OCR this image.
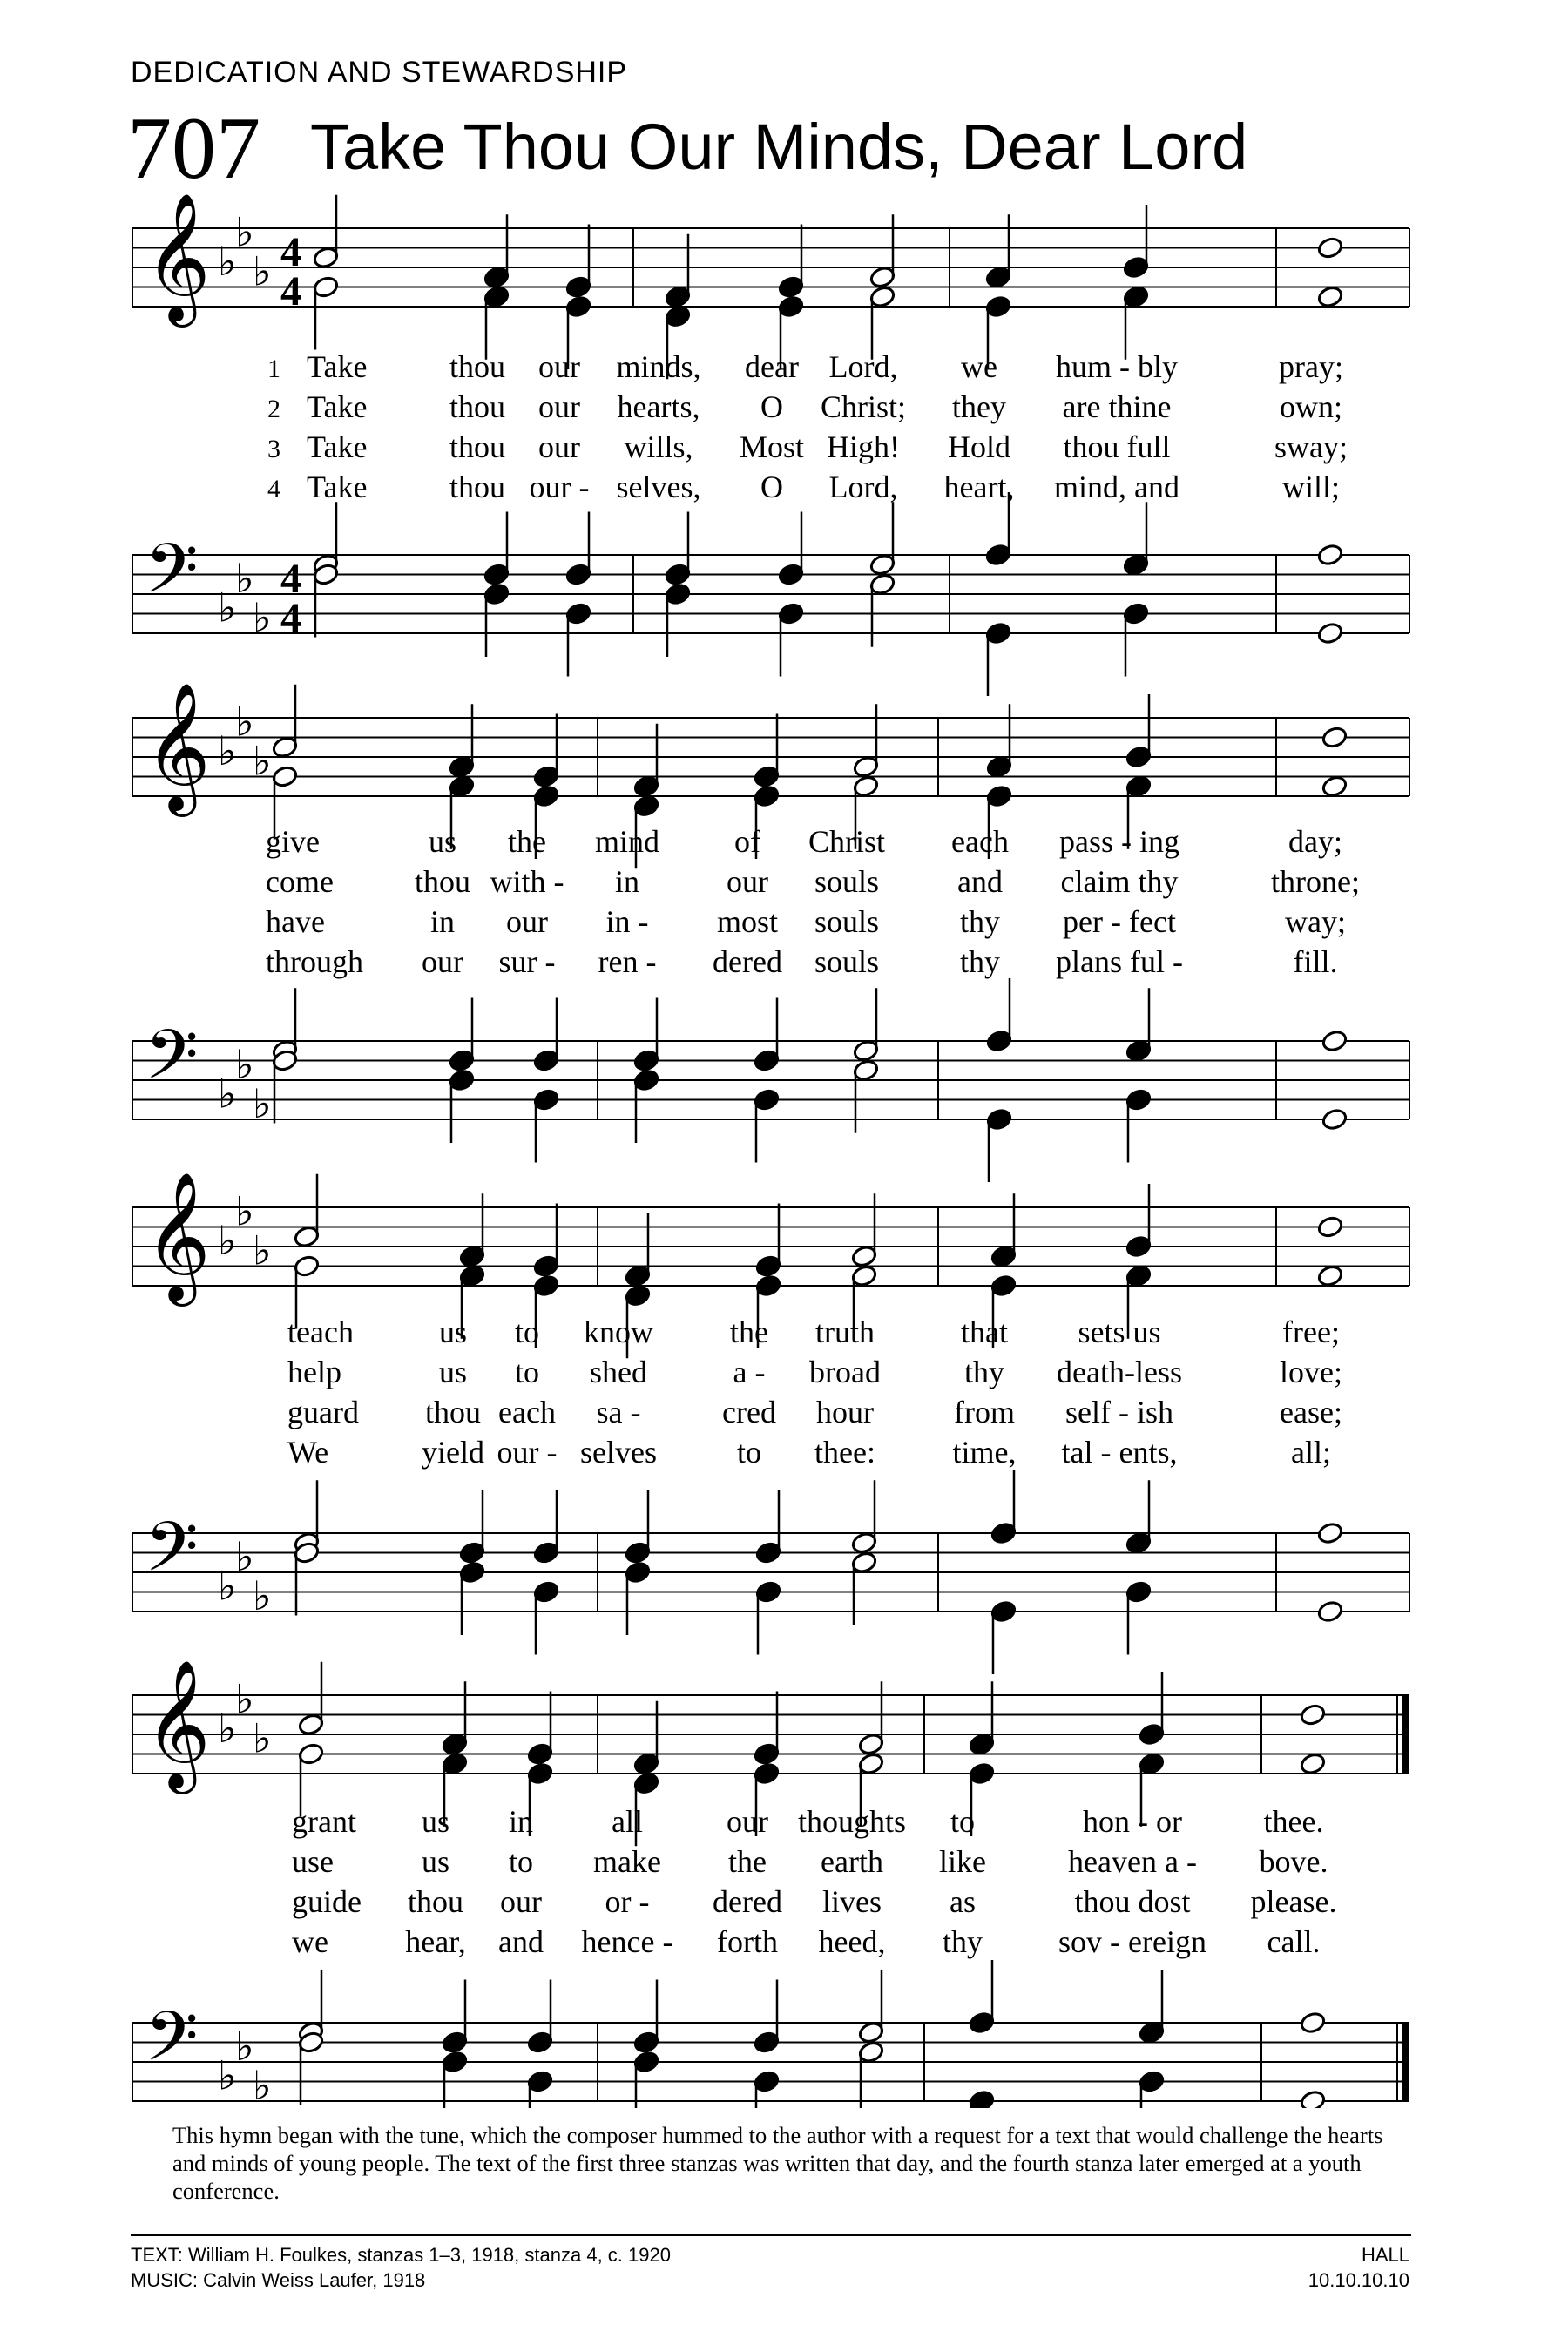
DEDICATION AND STEWARDSHIP
707 Take Thou Our Minds, Dear Lord
𝄞 ♭
♭
♭ 4
4
𝄢 ♭
♭
♭
4
4
1 Take	thou our minds, dear Lord, we hum - bly	pray;
2 Take	thou our hearts, O Christ; they are thine	own;
3 Take	thou our wills, Most High! Hold thou full	sway;
4 Take	thou our - selves, O Lord, heart, mind, and	will;
𝄞 ♭
♭
♭
𝄢 ♭
♭
♭
give	us the mind of Christ each pass - ing	day;
come	thou with - in	our souls and claim thy	throne;
have	in our in - most souls	thy per - fect	way;
through our sur - ren - dered souls	thy plans ful -	fill.
𝄞 ♭
♭
♭
𝄢 ♭
♭
♭
teach	us to know the truth	that sets us	free;
help	us to shed	a - broad	thy death-less	love;
guard thou each sa -	cred hour	from self - ish	ease;
We	yield our - selves	to thee: time, tal - ents,	all;
𝄞 ♭
♭
♭
𝄢 ♭
♭
♭
grant us in	all	our thoughts to	hon - or	thee.
use	us to make the earth like	heaven a - bove.
guide thou our or - dered lives as	thou dost please.
we hear, and hence - forth heed, thy sov - ereign call.
This hymn began with the tune, which the composer hummed to the author with a request for a text that would challenge the hearts and minds of young people. The text of the first three stanzas was written that day, and the fourth stanza later emerged at a youth conference.
TEXT: William H. Foulkes, stanzas 1–3, 1918, stanza 4, c. 1920
MUSIC: Calvin Weiss Laufer, 1918
HALL
10.10.10.10
